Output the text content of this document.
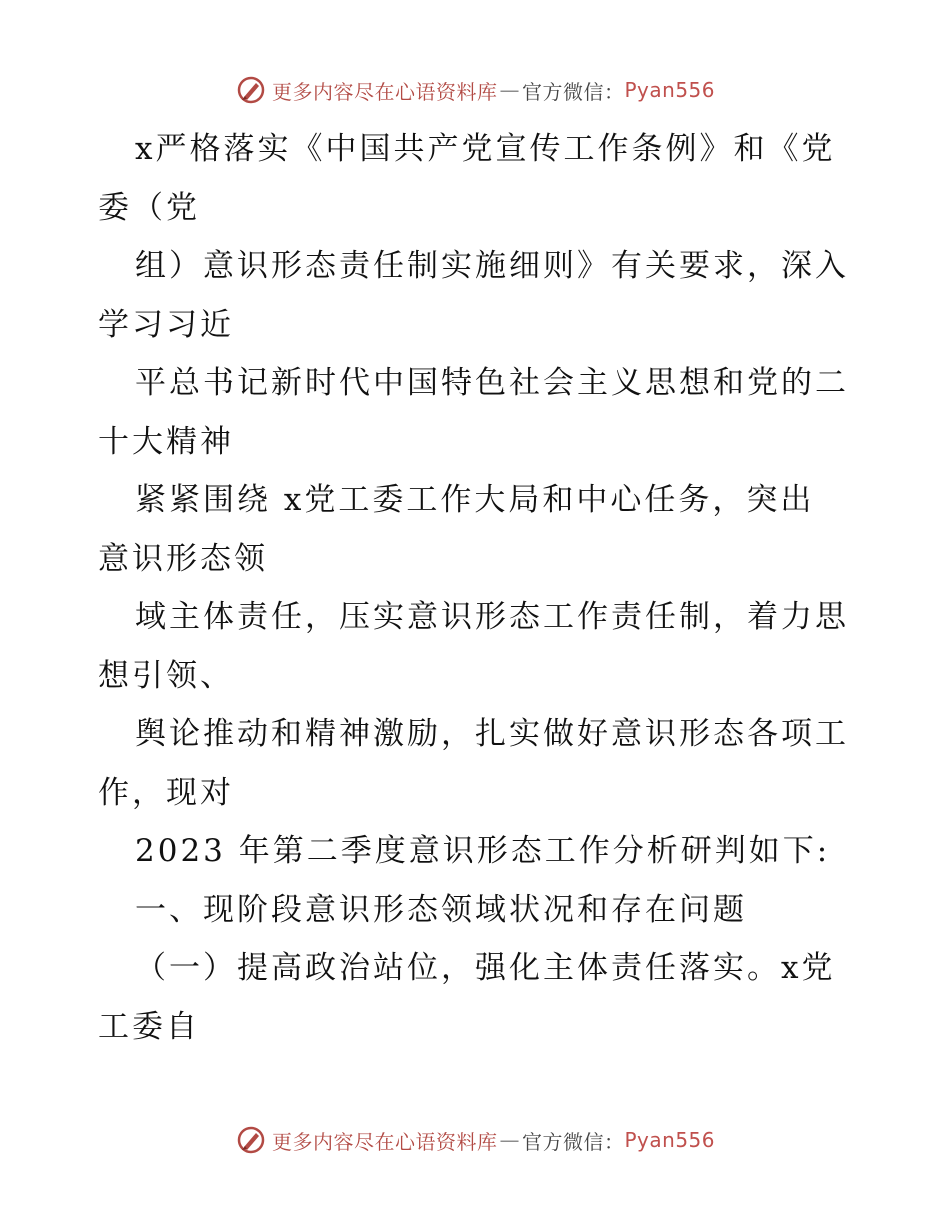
更多内容尽在心语资料库 — 官方微信： Pyan556
x严格落实《中国共产党宣传工作条例》和《党
委（党
组）意识形态责任制实施细则》有关要求，深入
学习习近
平总书记新时代中国特色社会主义思想和党的二
十大精神
紧紧围绕 x党工委工作大局和中心任务，突出
意识形态领
域主体责任，压实意识形态工作责任制，着力思
想引领、
舆论推动和精神激励，扎实做好意识形态各项工
作，现对
2023 年第二季度意识形态工作分析研判如下:
一、现阶段意识形态领域状况和存在问题
（一）提高政治站位，强化主体责任落实。x党
工委自
更多内容尽在心语资料库 — 官方微信： Pyan556
